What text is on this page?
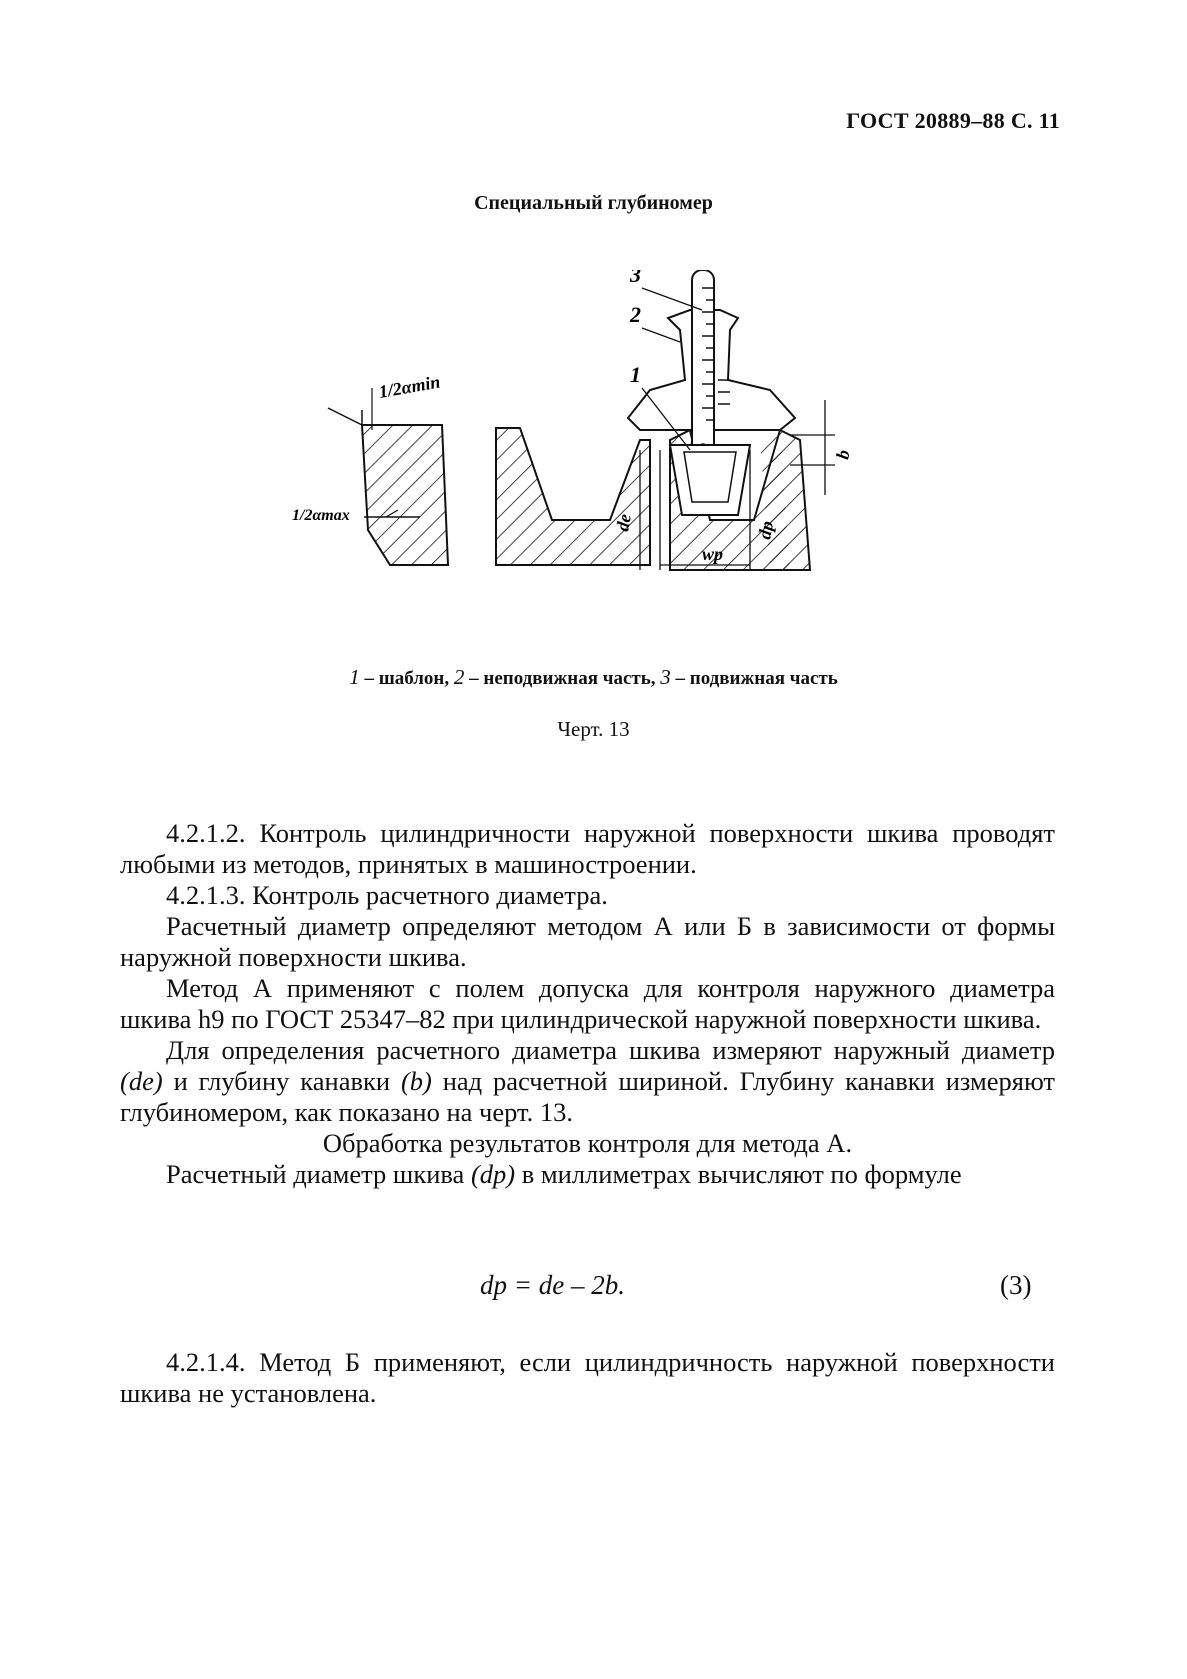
ГОСТ 20889–88 С. 11
Специальный глубиномер
1/2αmin
1/2αmax
3
2
1
de
wp
dp
b
1 – шаблон, 2 – неподвижная часть, 3 – подвижная часть
Черт. 13

4.2.1.2. Контроль цилиндричности наружной поверхности шкива проводят любыми из методов, принятых в машиностроении.

4.2.1.3. Контроль расчетного диаметра.

Расчетный диаметр определяют методом А или Б в зависимости от формы наружной поверхности шкива.

Метод А применяют с полем допуска для контроля наружного диаметра шкива h9 по ГОСТ 25347–82 при цилиндрической наружной поверхности шкива.

Для определения расчетного диаметра шкива измеряют наружный диаметр (de) и глубину канавки (b) над расчетной шириной. Глубину канавки измеряют глубиномером, как показано на черт. 13.

Обработка результатов контроля для метода А.

Расчетный диаметр шкива (dp) в миллиметрах вычисляют по формуле

dp = de – 2b.	(3)

4.2.1.4. Метод Б применяют, если цилиндричность наружной поверхности шкива не установлена.
